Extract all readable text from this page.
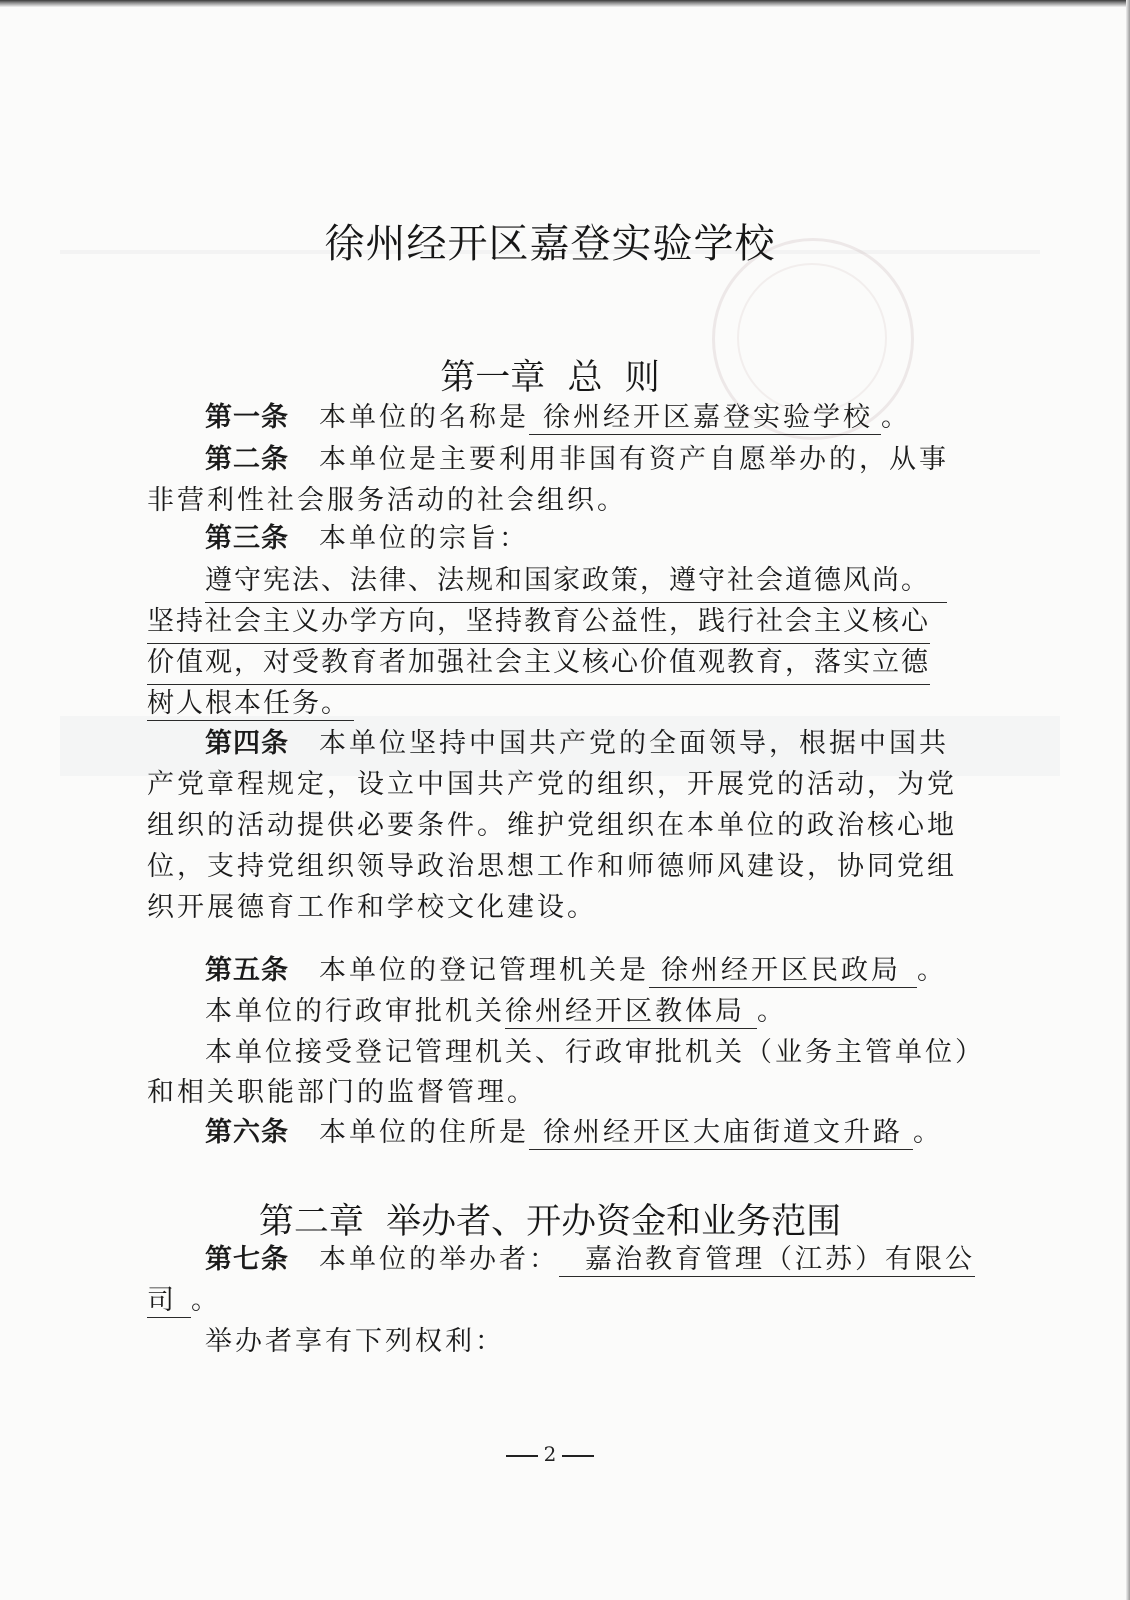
徐州经开区嘉登实验学校
第一章  总  则
第一条 本单位的名称是 徐州经开区嘉登实验学校 。
第二条 本单位是主要利用非国有资产自愿举办的，从事
非营利性社会服务活动的社会组织。
第三条 本单位的宗旨：
遵守宪法、法律、法规和国家政策，遵守社会道德风尚。
坚持社会主义办学方向，坚持教育公益性，践行社会主义核心
价值观，对受教育者加强社会主义核心价值观教育，落实立德
树人根本任务。
第四条 本单位坚持中国共产党的全面领导，根据中国共
产党章程规定，设立中国共产党的组织，开展党的活动，为党
组织的活动提供必要条件。维护党组织在本单位的政治核心地
位，支持党组织领导政治思想工作和师德师风建设，协同党组
织开展德育工作和学校文化建设。
第五条 本单位的登记管理机关是 徐州经开区民政局 。
本单位的行政审批机关徐州经开区教体局 。
本单位接受登记管理机关、行政审批机关（业务主管单位）
和相关职能部门的监督管理。
第六条 本单位的住所是 徐州经开区大庙街道文升路 。
第二章  举办者、开办资金和业务范围
第七条 本单位的举办者： 嘉治教育管理（江苏）有限公
司 。
举办者享有下列权利：
2
